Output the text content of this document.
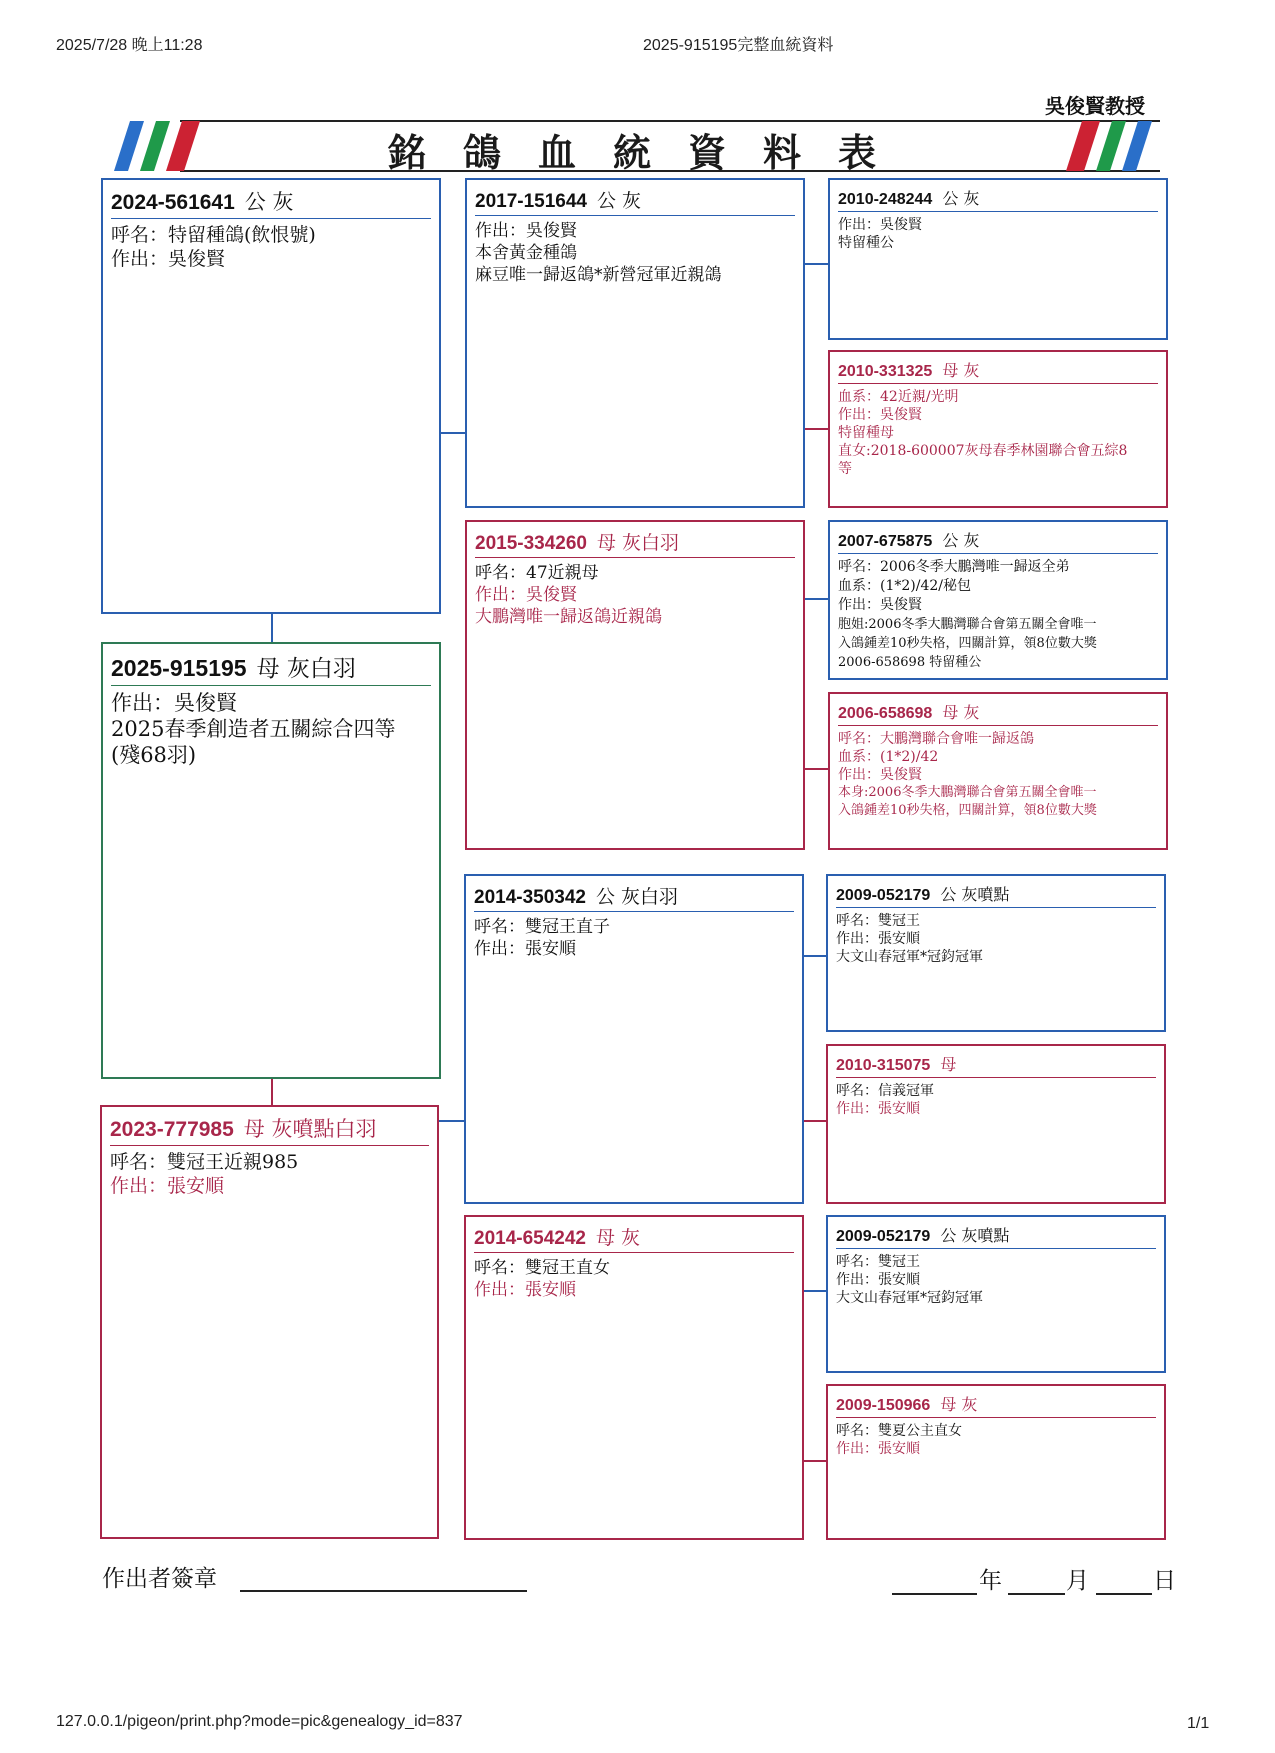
2025/7/28 晚上11:28	2025-915195完整血統資料
吳俊賢教授
銘 鴿 血 統 資 料 表
2024-561641 公 灰
呼名：特留種鴿(飲恨號)
作出：吳俊賢
2025-915195 母 灰白羽
作出：吳俊賢
2025春季創造者五關綜合四等
(殘68羽)
2023-777985 母 灰噴點白羽
呼名：雙冠王近親985
作出：張安順
2017-151644 公 灰
作出：吳俊賢
本舍黃金種鴿
麻豆唯一歸返鴿*新營冠軍近親鴿
2015-334260 母 灰白羽
呼名：47近親母
作出：吳俊賢
大鵬灣唯一歸返鴿近親鴿
2014-350342 公 灰白羽
呼名：雙冠王直子
作出：張安順
2014-654242 母 灰
呼名：雙冠王直女
作出：張安順
2010-248244 公 灰
作出：吳俊賢
特留種公
2010-331325 母 灰
血系：42近親/光明
作出：吳俊賢
特留種母
直女:2018-600007灰母春季林園聯合會五綜8
等
2007-675875 公 灰
呼名：2006冬季大鵬灣唯一歸返全弟
血系：(1*2)/42/秘包
作出：吳俊賢
胞姐:2006冬季大鵬灣聯合會第五關全會唯一
入鴿鍾差10秒失格，四關計算，領8位數大獎
2006-658698 特留種公
2006-658698 母 灰
呼名：大鵬灣聯合會唯一歸返鴿
血系：(1*2)/42
作出：吳俊賢
本身:2006冬季大鵬灣聯合會第五關全會唯一
入鴿鍾差10秒失格，四關計算，領8位數大獎
2009-052179 公 灰噴點
呼名：雙冠王
作出：張安順
大文山春冠軍*冠鈞冠軍
2010-315075 母
呼名：信義冠軍
作出：張安順
2009-052179 公 灰噴點
呼名：雙冠王
作出：張安順
大文山春冠軍*冠鈞冠軍
2009-150966 母 灰
呼名：雙夏公主直女
作出：張安順
作出者簽章	年	月	日
127.0.0.1/pigeon/print.php?mode=pic&genealogy_id=837	1/1
